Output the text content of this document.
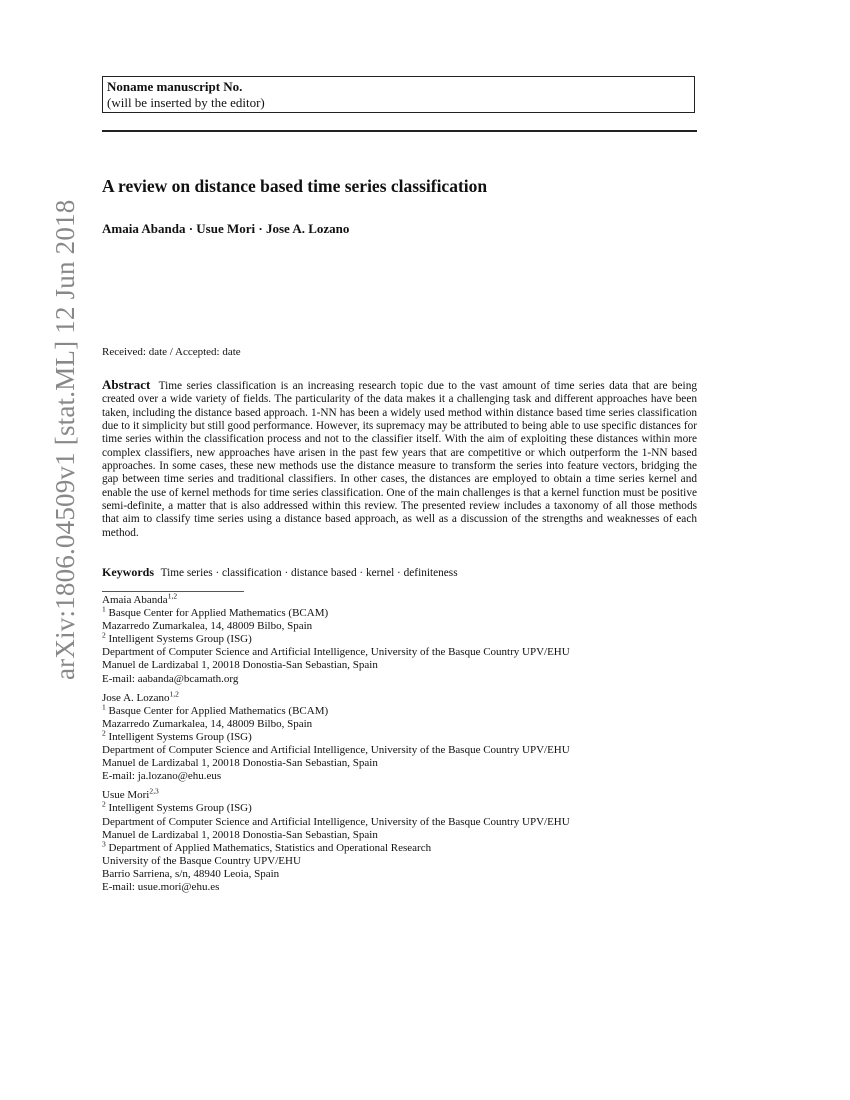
arXiv:1806.04509v1 [stat.ML] 12 Jun 2018
Noname manuscript No.
(will be inserted by the editor)
A review on distance based time series classification
Amaia Abanda · Usue Mori · Jose A. Lozano
Received: date / Accepted: date
Abstract Time series classification is an increasing research topic due to the vast amount of time series data that are being created over a wide variety of fields. The particularity of the data makes it a challenging task and different approaches have been taken, including the distance based approach. 1-NN has been a widely used method within distance based time series classification due to it simplicity but still good performance. However, its supremacy may be attributed to being able to use specific distances for time series within the classification process and not to the classifier itself. With the aim of exploiting these distances within more complex classifiers, new approaches have arisen in the past few years that are competitive or which outperform the 1-NN based approaches. In some cases, these new methods use the distance measure to transform the series into feature vectors, bridging the gap between time series and traditional classifiers. In other cases, the distances are employed to obtain a time series kernel and enable the use of kernel methods for time series classification. One of the main challenges is that a kernel function must be positive semi-definite, a matter that is also addressed within this review. The presented review includes a taxonomy of all those methods that aim to classify time series using a distance based approach, as well as a discussion of the strengths and weaknesses of each method.
Keywords Time series · classification · distance based · kernel · definiteness
Amaia Abanda$^{1,2}$
$^1$ Basque Center for Applied Mathematics (BCAM)
Mazarredo Zumarkalea, 14, 48009 Bilbo, Spain
$^2$ Intelligent Systems Group (ISG)
Department of Computer Science and Artificial Intelligence, University of the Basque Country UPV/EHU
Manuel de Lardizabal 1, 20018 Donostia-San Sebastian, Spain
E-mail: aabanda@bcamath.org
Jose A. Lozano$^{1,2}$
$^1$ Basque Center for Applied Mathematics (BCAM)
Mazarredo Zumarkalea, 14, 48009 Bilbo, Spain
$^2$ Intelligent Systems Group (ISG)
Department of Computer Science and Artificial Intelligence, University of the Basque Country UPV/EHU
Manuel de Lardizabal 1, 20018 Donostia-San Sebastian, Spain
E-mail: ja.lozano@ehu.eus
Usue Mori$^{2,3}$
$^2$ Intelligent Systems Group (ISG)
Department of Computer Science and Artificial Intelligence, University of the Basque Country UPV/EHU
Manuel de Lardizabal 1, 20018 Donostia-San Sebastian, Spain
$^3$ Department of Applied Mathematics, Statistics and Operational Research
University of the Basque Country UPV/EHU
Barrio Sarriena, s/n, 48940 Leoia, Spain
E-mail: usue.mori@ehu.es
